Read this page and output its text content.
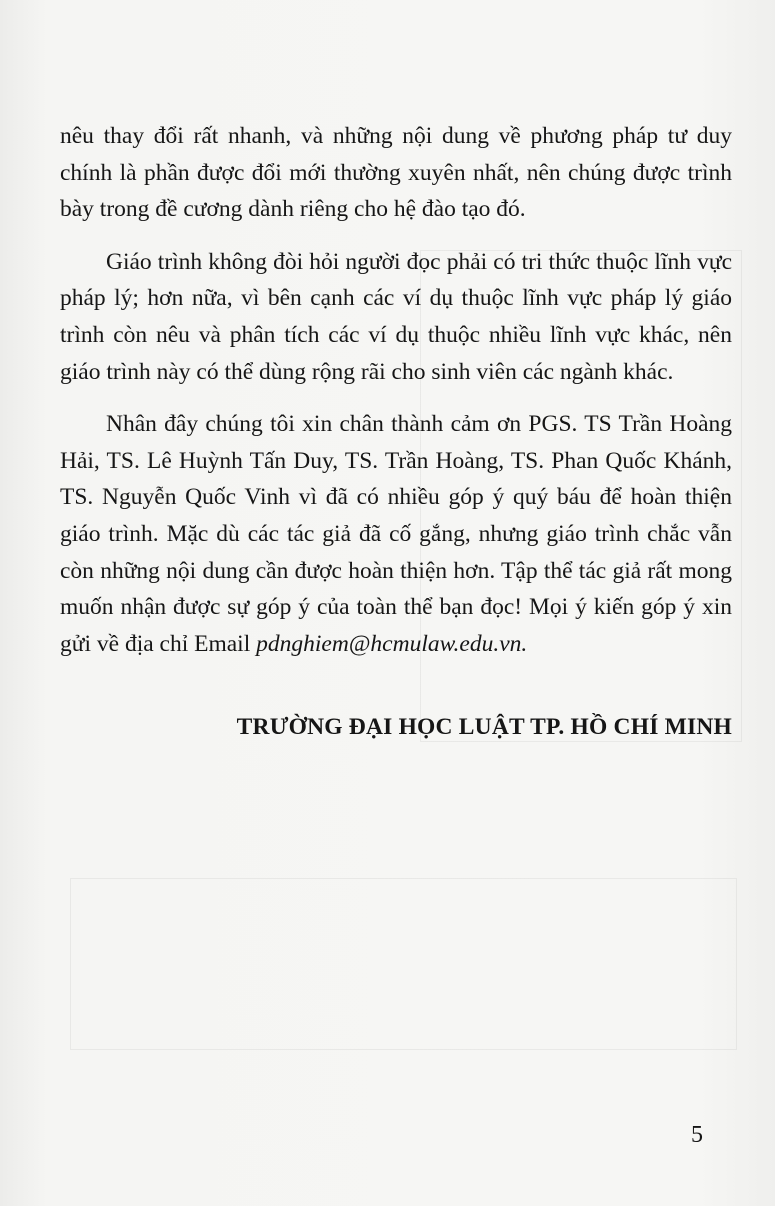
nêu thay đổi rất nhanh, và những nội dung về phương pháp tư duy chính là phần được đổi mới thường xuyên nhất, nên chúng được trình bày trong đề cương dành riêng cho hệ đào tạo đó.

Giáo trình không đòi hỏi người đọc phải có tri thức thuộc lĩnh vực pháp lý; hơn nữa, vì bên cạnh các ví dụ thuộc lĩnh vực pháp lý giáo trình còn nêu và phân tích các ví dụ thuộc nhiều lĩnh vực khác, nên giáo trình này có thể dùng rộng rãi cho sinh viên các ngành khác.

Nhân đây chúng tôi xin chân thành cảm ơn PGS. TS Trần Hoàng Hải, TS. Lê Huỳnh Tấn Duy, TS. Trần Hoàng, TS. Phan Quốc Khánh, TS. Nguyễn Quốc Vinh vì đã có nhiều góp ý quý báu để hoàn thiện giáo trình. Mặc dù các tác giả đã cố gắng, nhưng giáo trình chắc vẫn còn những nội dung cần được hoàn thiện hơn. Tập thể tác giả rất mong muốn nhận được sự góp ý của toàn thể bạn đọc! Mọi ý kiến góp ý xin gửi về địa chỉ Email pdnghiem@hcmulaw.edu.vn.

TRƯỜNG ĐẠI HỌC LUẬT TP. HỒ CHÍ MINH
5
